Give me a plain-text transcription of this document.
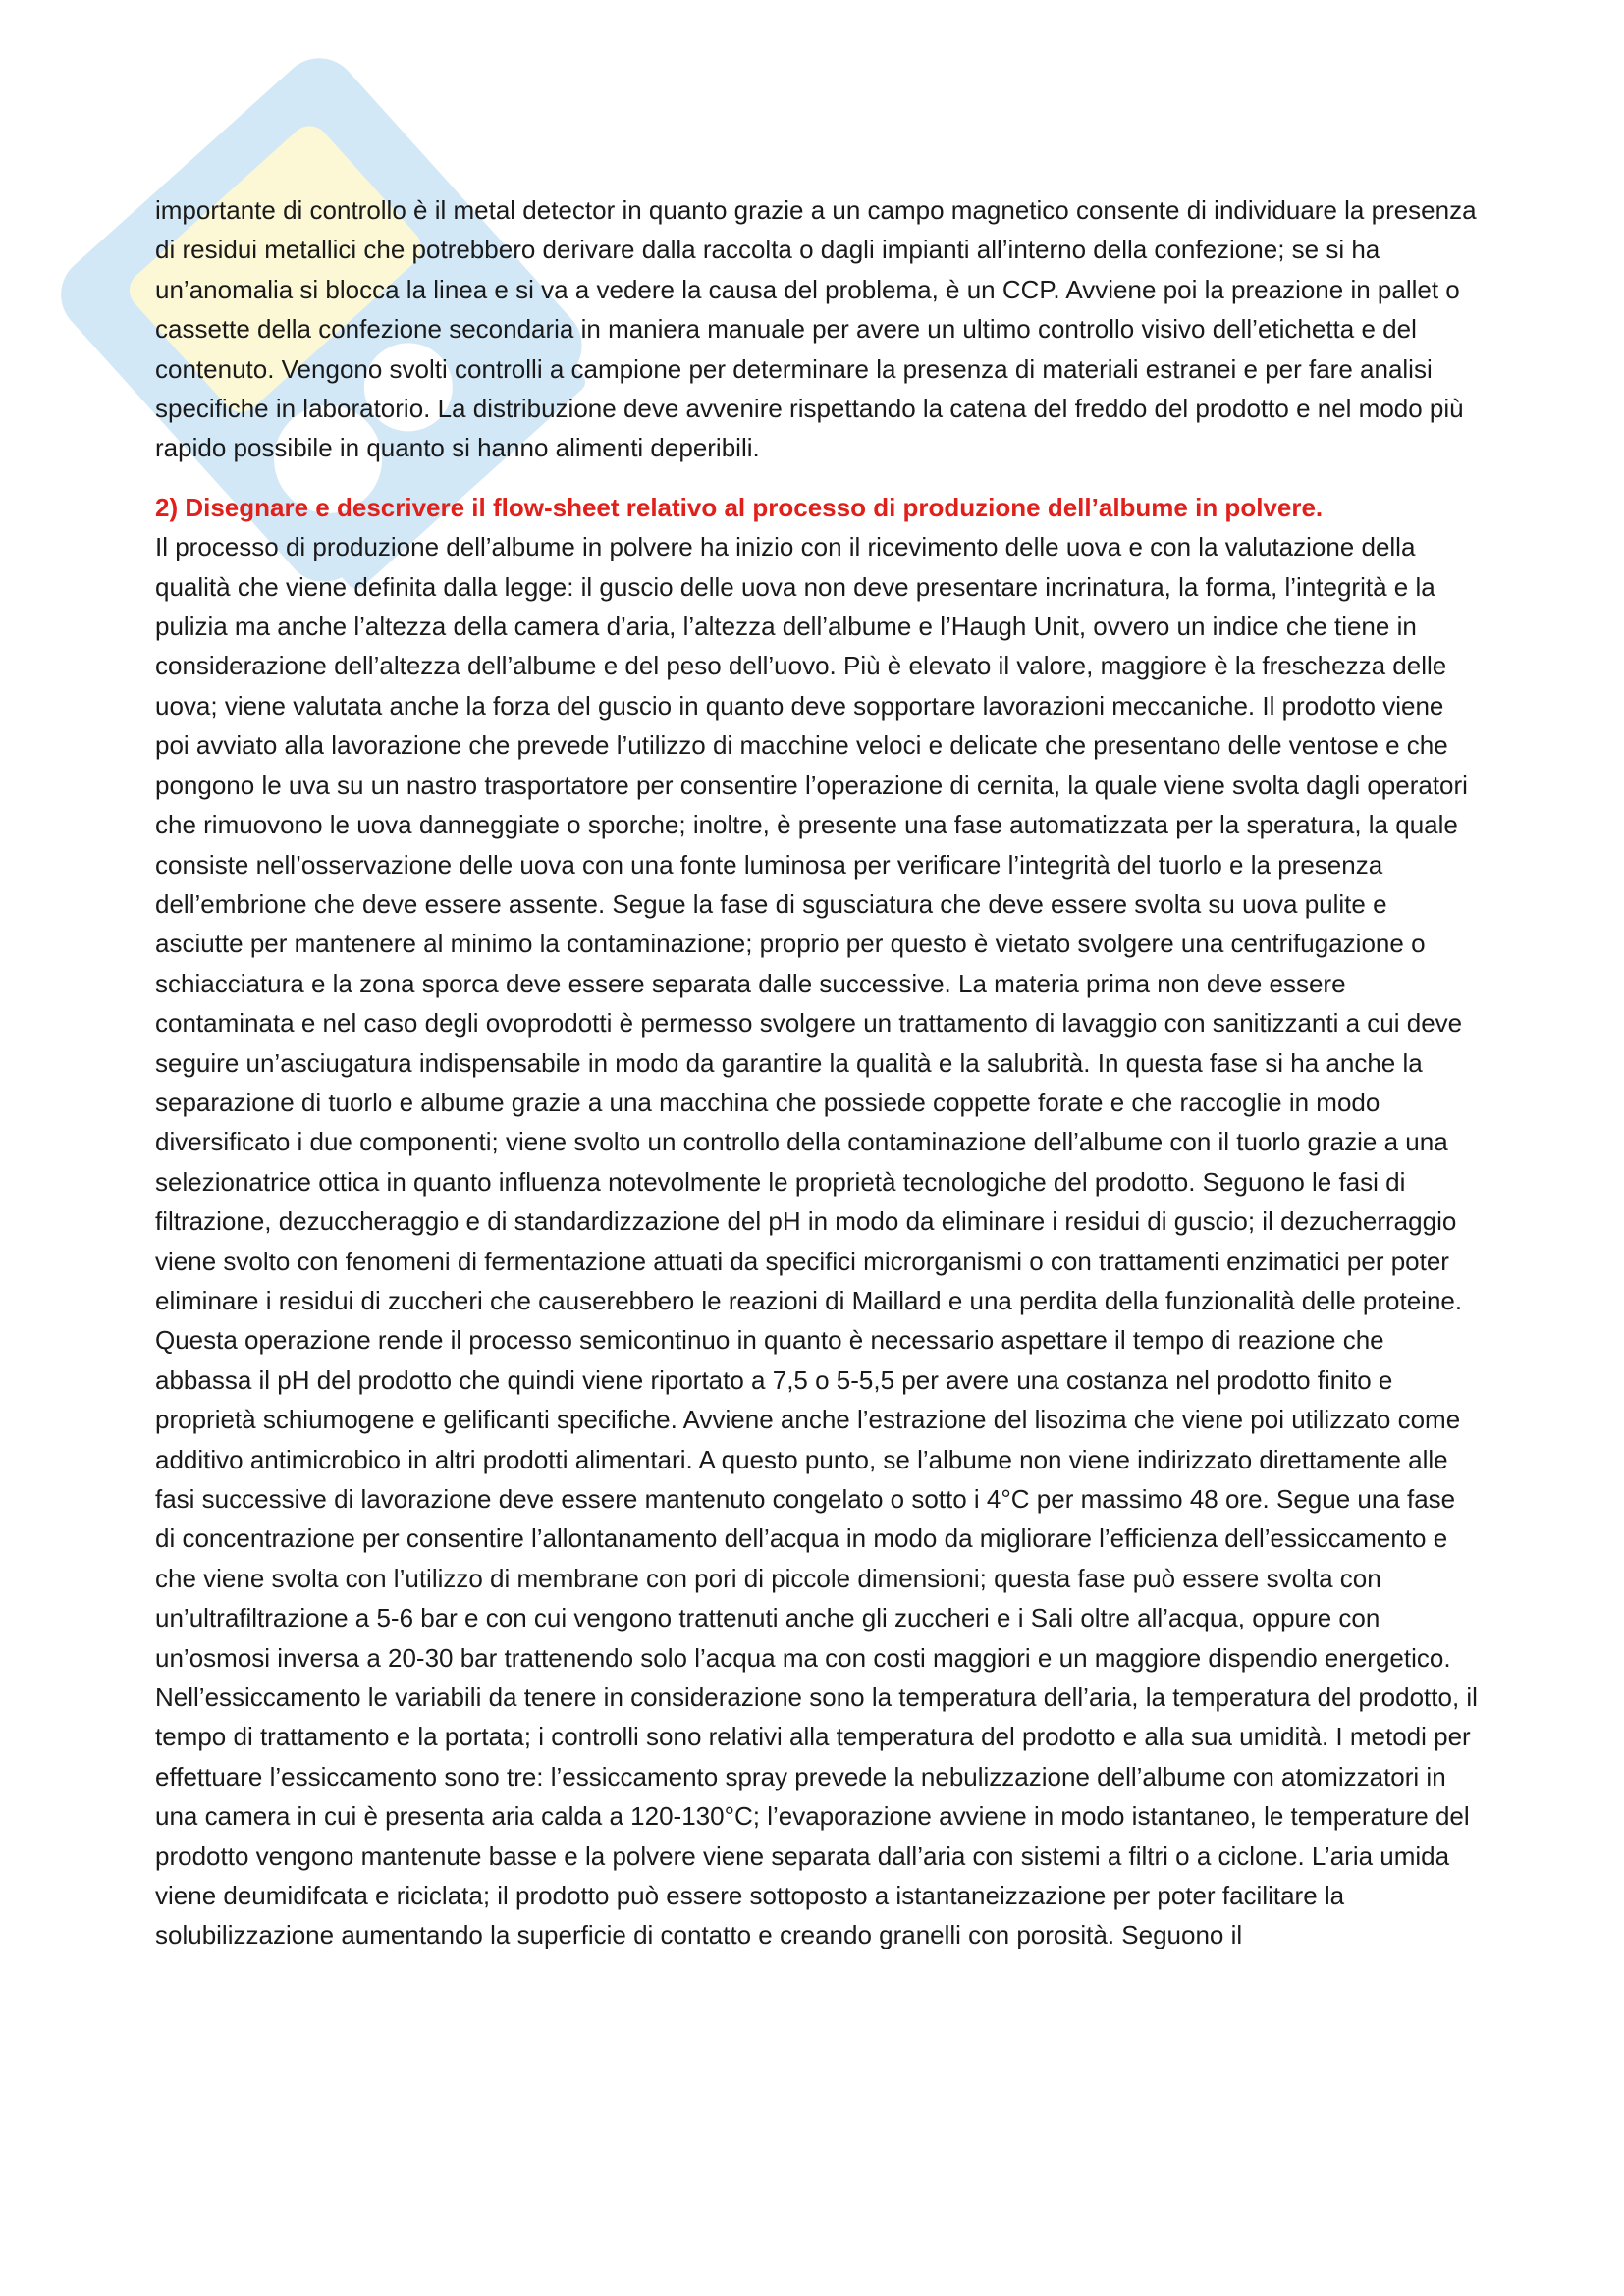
importante di controllo è il metal detector in quanto grazie a un campo magnetico consente di individuare la presenza di residui metallici che potrebbero derivare dalla raccolta o dagli impianti all’interno della confezione; se si ha un’anomalia si blocca la linea e si va a vedere la causa del problema, è un CCP. Avviene poi la preazione in pallet o cassette della confezione secondaria in maniera manuale per avere un ultimo controllo visivo dell’etichetta e del contenuto. Vengono svolti controlli a campione per determinare la presenza di materiali estranei e per fare analisi specifiche in laboratorio. La distribuzione deve avvenire rispettando la catena del freddo del prodotto e nel modo più rapido possibile in quanto si hanno alimenti deperibili.

2) Disegnare e descrivere il flow-sheet relativo al processo di produzione dell’albume in polvere.

Il processo di produzione dell’albume in polvere ha inizio con il ricevimento delle uova e con la valutazione della qualità che viene definita dalla legge: il guscio delle uova non deve presentare incrinatura, la forma, l’integrità e la pulizia ma anche l’altezza della camera d’aria, l’altezza dell’albume e l’Haugh Unit, ovvero un indice che tiene in considerazione dell’altezza dell’albume e del peso dell’uovo. Più è elevato il valore, maggiore è la freschezza delle uova; viene valutata anche la forza del guscio in quanto deve sopportare lavorazioni meccaniche. Il prodotto viene poi avviato alla lavorazione che prevede l’utilizzo di macchine veloci e delicate che presentano delle ventose e che pongono le uva su un nastro trasportatore per consentire l’operazione di cernita, la quale viene svolta dagli operatori che rimuovono le uova danneggiate o sporche; inoltre, è presente una fase automatizzata per la speratura, la quale consiste nell’osservazione delle uova con una fonte luminosa per verificare l’integrità del tuorlo e la presenza dell’embrione che deve essere assente. Segue la fase di sgusciatura che deve essere svolta su uova pulite e asciutte per mantenere al minimo la contaminazione; proprio per questo è vietato svolgere una centrifugazione o schiacciatura e la zona sporca deve essere separata dalle successive. La materia prima non deve essere contaminata e nel caso degli ovoprodotti è permesso svolgere un trattamento di lavaggio con sanitizzanti a cui deve seguire un’asciugatura indispensabile in modo da garantire la qualità e la salubrità. In questa fase si ha anche la separazione di tuorlo e albume grazie a una macchina che possiede coppette forate e che raccoglie in modo diversificato i due componenti; viene svolto un controllo della contaminazione dell’albume con il tuorlo grazie a una selezionatrice ottica in quanto influenza notevolmente le proprietà tecnologiche del prodotto. Seguono le fasi di filtrazione, dezuccheraggio e di standardizzazione del pH in modo da eliminare i residui di guscio; il dezucherraggio viene svolto con fenomeni di fermentazione attuati da specifici microrganismi o con trattamenti enzimatici per poter eliminare i residui di zuccheri che causerebbero le reazioni di Maillard e una perdita della funzionalità delle proteine. Questa operazione rende il processo semicontinuo in quanto è necessario aspettare il tempo di reazione che abbassa il pH del prodotto che quindi viene riportato a 7,5 o 5-5,5 per avere una costanza nel prodotto finito e proprietà schiumogene e gelificanti specifiche. Avviene anche l’estrazione del lisozima che viene poi utilizzato come additivo antimicrobico in altri prodotti alimentari. A questo punto, se l’albume non viene indirizzato direttamente alle fasi successive di lavorazione deve essere mantenuto congelato o sotto i 4°C per massimo 48 ore. Segue una fase di concentrazione per consentire l’allontanamento dell’acqua in modo da migliorare l’efficienza dell’essiccamento e che viene svolta con l’utilizzo di membrane con pori di piccole dimensioni; questa fase può essere svolta con un’ultrafiltrazione a 5-6 bar e con cui vengono trattenuti anche gli zuccheri e i Sali oltre all’acqua, oppure con un’osmosi inversa a 20-30 bar trattenendo solo l’acqua ma con costi maggiori e un maggiore dispendio energetico. Nell’essiccamento le variabili da tenere in considerazione sono la temperatura dell’aria, la temperatura del prodotto, il tempo di trattamento e la portata; i controlli sono relativi alla temperatura del prodotto e alla sua umidità. I metodi per effettuare l’essiccamento sono tre: l’essiccamento spray prevede la nebulizzazione dell’albume con atomizzatori in una camera in cui è presenta aria calda a 120-130°C; l’evaporazione avviene in modo istantaneo, le temperature del prodotto vengono mantenute basse e la polvere viene separata dall’aria con sistemi a filtri o a ciclone. L’aria umida viene deumidifcata e riciclata; il prodotto può essere sottoposto a istantaneizzazione per poter facilitare la solubilizzazione aumentando la superficie di contatto e creando granelli con porosità. Seguono il
